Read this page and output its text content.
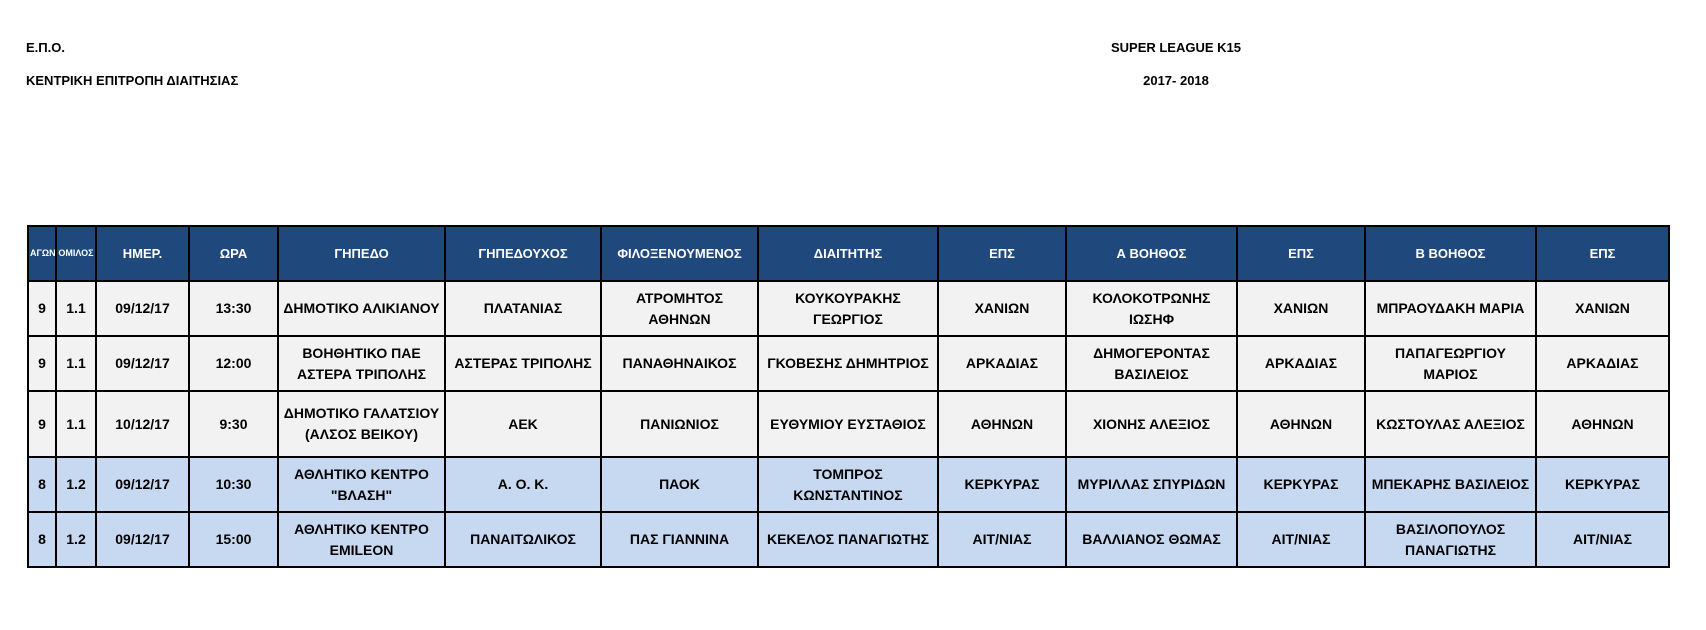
Ε.Π.Ο.
ΚΕΝΤΡΙΚΗ ΕΠΙΤΡΟΠΗ ΔΙΑΙΤΗΣΙΑΣ
SUPER LEAGUE K15
2017- 2018
ΑΓΩΝ	ΟΜΙΛΟΣ	ΗΜΕΡ.	ΩΡΑ	ΓΗΠΕΔΟ	ΓΗΠΕΔΟΥΧΟΣ	ΦΙΛΟΞΕΝΟΥΜΕΝΟΣ	ΔΙΑΙΤΗΤΗΣ	ΕΠΣ	Α ΒΟΗΘΟΣ	ΕΠΣ	Β ΒΟΗΘΟΣ	ΕΠΣ
9	1.1	09/12/17	13:30	ΔΗΜΟΤΙΚΟ ΑΛΙΚΙΑΝΟΥ	ΠΛΑΤΑΝΙΑΣ	ΑΤΡΟΜΗΤΟΣ ΑΘΗΝΩΝ	ΚΟΥΚΟΥΡΑΚΗΣ ΓΕΩΡΓΙΟΣ	ΧΑΝΙΩΝ	ΚΟΛΟΚΟΤΡΩΝΗΣ ΙΩΣΗΦ	ΧΑΝΙΩΝ	ΜΠΡΑΟΥΔΑΚΗ ΜΑΡΙΑ	ΧΑΝΙΩΝ
9	1.1	09/12/17	12:00	ΒΟΗΘΗΤΙΚΟ ΠΑΕ ΑΣΤΕΡΑ ΤΡΙΠΟΛΗΣ	ΑΣΤΕΡΑΣ ΤΡΙΠΟΛΗΣ	ΠΑΝΑΘΗΝΑΙΚΟΣ	ΓΚΟΒΕΣΗΣ ΔΗΜΗΤΡΙΟΣ	ΑΡΚΑΔΙΑΣ	ΔΗΜΟΓΕΡΟΝΤΑΣ ΒΑΣΙΛΕΙΟΣ	ΑΡΚΑΔΙΑΣ	ΠΑΠΑΓΕΩΡΓΙΟΥ ΜΑΡΙΟΣ	ΑΡΚΑΔΙΑΣ
9	1.1	10/12/17	9:30	ΔΗΜΟΤΙΚΟ ΓΑΛΑΤΣΙΟΥ (ΑΛΣΟΣ ΒΕΙΚΟΥ)	ΑΕΚ	ΠΑΝΙΩΝΙΟΣ	ΕΥΘΥΜΙΟΥ ΕΥΣΤΑΘΙΟΣ	ΑΘΗΝΩΝ	ΧΙΟΝΗΣ ΑΛΕΞΙΟΣ	ΑΘΗΝΩΝ	ΚΩΣΤΟΥΛΑΣ ΑΛΕΞΙΟΣ	ΑΘΗΝΩΝ
8	1.2	09/12/17	10:30	ΑΘΛΗΤΙΚΟ ΚΕΝΤΡΟ "ΒΛΑΣΗ"	Α. Ο. Κ.	ΠΑΟΚ	ΤΟΜΠΡΟΣ ΚΩΝΣΤΑΝΤΙΝΟΣ	ΚΕΡΚΥΡΑΣ	ΜΥΡΙΛΛΑΣ ΣΠΥΡΙΔΩΝ	ΚΕΡΚΥΡΑΣ	ΜΠΕΚΑΡΗΣ ΒΑΣΙΛΕΙΟΣ	ΚΕΡΚΥΡΑΣ
8	1.2	09/12/17	15:00	ΑΘΛΗΤΙΚΟ ΚΕΝΤΡΟ EMILEON	ΠΑΝΑΙΤΩΛΙΚΟΣ	ΠΑΣ ΓΙΑΝΝΙΝΑ	ΚΕΚΕΛΟΣ ΠΑΝΑΓΙΩΤΗΣ	ΑΙΤ/ΝΙΑΣ	ΒΑΛΛΙΑΝΟΣ ΘΩΜΑΣ	ΑΙΤ/ΝΙΑΣ	ΒΑΣΙΛΟΠΟΥΛΟΣ ΠΑΝΑΓΙΩΤΗΣ	ΑΙΤ/ΝΙΑΣ
